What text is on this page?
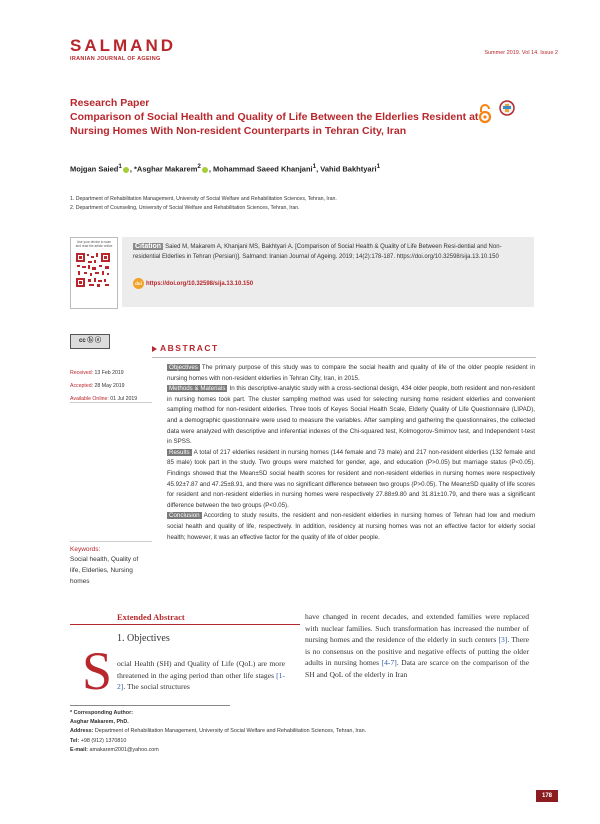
SALMAND
IRANIAN JOURNAL OF AGEING
Summer 2019. Vol 14. Issue 2
Research Paper
Comparison of Social Health and Quality of Life Between the Elderlies Resident at Nursing Homes With Non-resident Counterparts in Tehran City, Iran
Mojgan Saied$^1$ , *Asghar Makarem$^2$ , Mohammad Saeed Khanjani$^1$, Vahid Bakhtyari$^1$
1. Department of Rehabilitation Management, University of Social Welfare and Rehabilitation Sciences, Tehran, Iran.
2. Department of Counseling, University of Social Welfare and Rehabilitation Sciences, Tehran, Iran.
Use your device to scan and read the article online	Citation Saied M, Makarem A, Khanjani MS, Bakhtyari A. [Comparison of Social Health & Quality of Life Between Resi-dential and Non-residential Elderlies in Tehran (Persian)]. Salmand: Iranian Journal of Ageing. 2019; 14(2):178-187. https://doi.org/10.32598/sija.13.10.150
doi https://doi.org/10.32598/sija.13.10.150
cc ⓑ ⓢ
Received: 13 Feb 2019
Accepted: 28 May 2019
Available Online: 01 Jul 2019
Keywords:
Social health, Quality of life, Elderlies, Nursing homes
ABSTRACT

Objectives The primary purpose of this study was to compare the social health and quality of life of the older people resident in nursing homes with non-resident elderlies in Tehran City, Iran, in 2015.

Methods & Materials In this descriptive-analytic study with a cross-sectional design, 434 older people, both resident and non-resident in nursing homes took part. The cluster sampling method was used for selecting nursing home resident elderlies and convenient sampling method for non-resident elderlies. Three tools of Keyes Social Health Scale, Elderly Quality of Life Questionnaire (LIPAD), and a demographic questionnaire were used to measure the variables. After sampling and gathering the questionnaires, the collected data were analyzed with descriptive and inferential indexes of the Chi-squared test, Kolmogorov-Smirnov test, and Independent t-test in SPSS.

Results A total of 217 elderlies resident in nursing homes (144 female and 73 male) and 217 non-resident elderlies (132 female and 85 male) took part in the study. Two groups were matched for gender, age, and education (P>0.05) but marriage status (P<0.05). Findings showed that the Mean±SD social health scores for resident and non-resident elderlies in nursing homes were respectively 45.92±7.87 and 47.25±8.91, and there was no significant difference between two groups (P>0.05). The Mean±SD quality of life scores for resident and non-resident elderlies in nursing homes were respectively 27.88±9.80 and 31.81±10.79, and there was a significant difference between the two groups (P<0.05).

Conclusion According to study results, the resident and non-resident elderlies in nursing homes of Tehran had low and medium social health and quality of life, respectively. In addition, residency at nursing homes was not an effective factor for elderly social health; however, it was an effective factor for the quality of life of older people.

Extended Abstract
1. Objectives
S ocial Health (SH) and Quality of Life (QoL) are more threatened in the aging period than other life stages [1-2]. The social structures
have changed in recent decades, and extended families were replaced with nuclear families. Such transformation has increased the number of nursing homes and the residence of the elderly in such centers [3]. There is no consensus on the positive and negative effects of putting the older adults in nursing homes [4-7]. Data are scarce on the comparison of the SH and QoL of the elderly in Iran
* Corresponding Author:
Asghar Makarem, PhD.
Address: Department of Rehabilitation Management, University of Social Welfare and Rehabilitation Sciences, Tehran, Iran.
Tel: +98 (912) 1370810
E-mail: amakarem2001@yahoo.com
178
